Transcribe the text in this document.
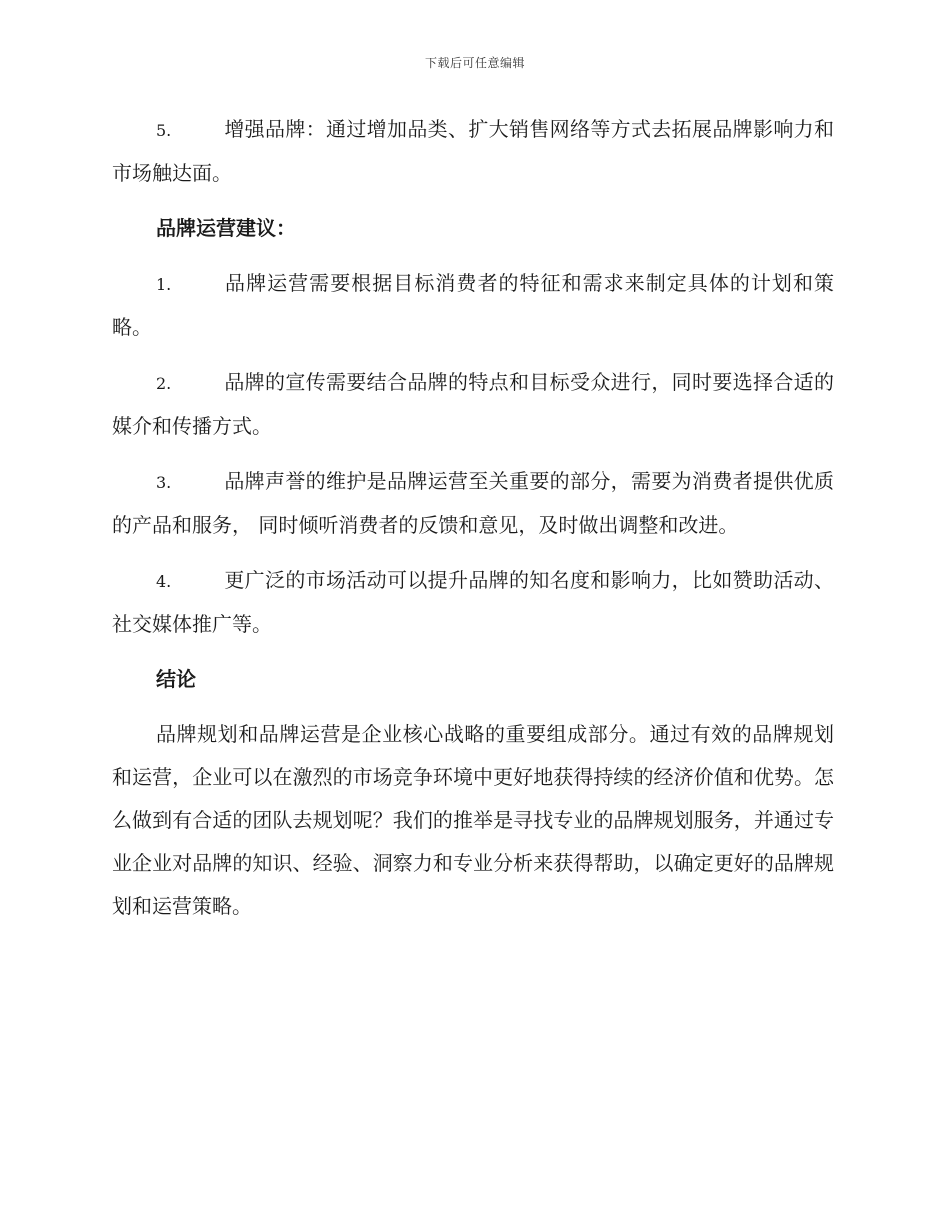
下载后可任意编辑

5.	增强品牌：通过增加品类、扩大销售网络等方式去拓展品牌影响力和市场触达面。

品牌运营建议：

1.	品牌运营需要根据目标消费者的特征和需求来制定具体的计划和策略。

2.	品牌的宣传需要结合品牌的特点和目标受众进行，同时要选择合适的媒介和传播方式。

3.	品牌声誉的维护是品牌运营至关重要的部分，需要为消费者提供优质的产品和服务， 同时倾听消费者的反馈和意见，及时做出调整和改进。

4.	更广泛的市场活动可以提升品牌的知名度和影响力，比如赞助活动、社交媒体推广等。

结论

品牌规划和品牌运营是企业核心战略的重要组成部分。通过有效的品牌规划和运营，企业可以在激烈的市场竞争环境中更好地获得持续的经济价值和优势。怎么做到有合适的团队去规划呢？我们的推举是寻找专业的品牌规划服务，并通过专业企业对品牌的知识、经验、洞察力和专业分析来获得帮助，以确定更好的品牌规划和运营策略。
